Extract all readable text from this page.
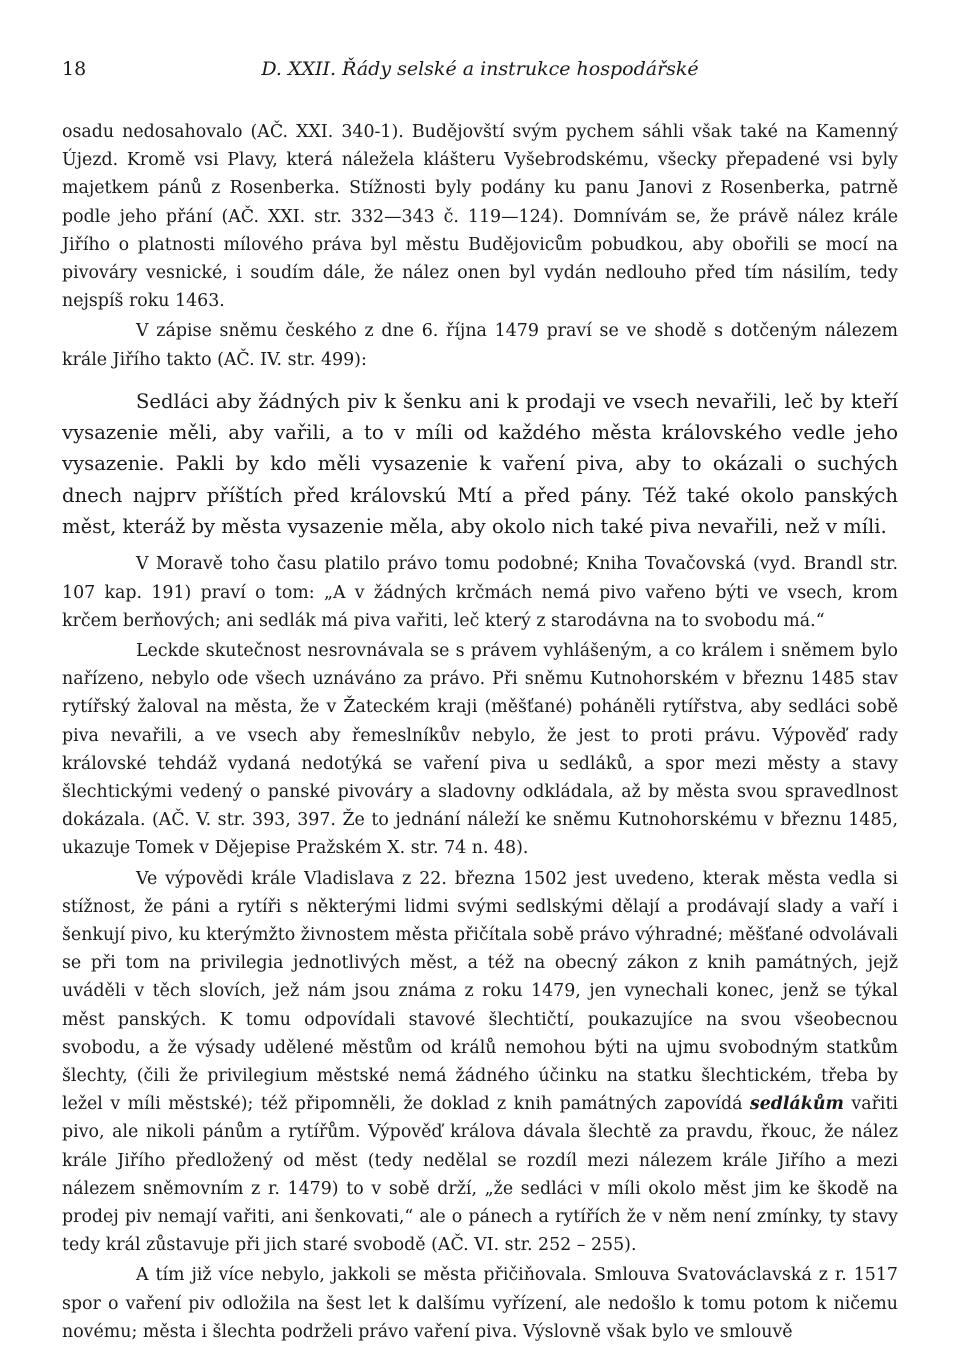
18	D. XXII. Řády selské a instrukce hospodářské

osadu nedosahovalo (AČ. XXI. 340-1). Budějovští svým pychem sáhli však také na Kamenný Újezd. Kromě vsi Plavy, která náležela klášteru Vyšebrodskému, všecky přepadené vsi byly majetkem pánů z Rosenberka. Stížnosti byly podány ku panu Janovi z Rosenberka, patrně podle jeho přání (AČ. XXI. str. 332—343 č. 119—124). Domnívám se, že právě nález krále Jiřího o platnosti mílového práva byl městu Budějovicům pobudkou, aby obořili se mocí na pivováry vesnické, i soudím dále, že nález onen byl vydán nedlouho před tím násilím, tedy nejspíš roku 1463.

V zápise sněmu českého z dne 6. října 1479 praví se ve shodě s dotčeným nálezem krále Jiřího takto (AČ. IV. str. 499):

Sedláci aby žádných piv k šenku ani k prodaji ve vsech nevařili, leč by kteří vysazenie měli, aby vařili, a to v míli od každého města královského vedle jeho vysazenie. Pakli by kdo měli vysazenie k vaření piva, aby to okázali o suchých dnech najprv příštích před královskú Mtí a před pány. Též také okolo panských měst, kteráž by města vysazenie měla, aby okolo nich také piva nevařili, než v míli.

V Moravě toho času platilo právo tomu podobné; Kniha Tovačovská (vyd. Brandl str. 107 kap. 191) praví o tom: „A v žádných krčmách nemá pivo vařeno býti ve vsech, krom krčem berňových; ani sedlák má piva vařiti, leč který z starodávna na to svobodu má.“

Leckde skutečnost nesrovnávala se s právem vyhlášeným, a co králem i sněmem bylo nařízeno, nebylo ode všech uznáváno za právo. Při sněmu Kutnohorském v březnu 1485 stav rytířský žaloval na města, že v Žateckém kraji (měšťané) poháněli rytířstva, aby sedláci sobě piva nevařili, a ve vsech aby řemeslníkův nebylo, že jest to proti právu. Výpověď rady královské tehdáž vydaná nedotýká se vaření piva u sedláků, a spor mezi městy a stavy šlechtickými vedený o panské pivováry a sladovny odkládala, až by města svou spravedlnost dokázala. (AČ. V. str. 393, 397. Že to jednání náleží ke sněmu Kutnohorskému v březnu 1485, ukazuje Tomek v Dějepise Pražském X. str. 74 n. 48).

Ve výpovědi krále Vladislava z 22. března 1502 jest uvedeno, kterak města vedla si stížnost, že páni a rytíři s některými lidmi svými sedlskými dělají a prodávají slady a vaří i šenkují pivo, ku kterýmžto živnostem města přičítala sobě právo výhradné; měšťané odvolávali se při tom na privilegia jednotlivých měst, a též na obecný zákon z knih památných, jejž uváděli v těch slovích, jež nám jsou známa z roku 1479, jen vynechali konec, jenž se týkal měst panských. K tomu odpovídali stavové šlechtičtí, poukazujíce na svou všeobecnou svobodu, a že výsady udělené městům od králů nemohou býti na ujmu svobodným statkům šlechty, (čili že privilegium městské nemá žádného účinku na statku šlechtickém, třeba by ležel v míli městské); též připomněli, že doklad z knih památných zapovídá sedlákům vařiti pivo, ale nikoli pánům a rytířům. Výpověď králova dávala šlechtě za pravdu, řkouc, že nález krále Jiřího předložený od měst (tedy nedělal se rozdíl mezi nálezem krále Jiřího a mezi nálezem sněmovním z r. 1479) to v sobě drží, „že sedláci v míli okolo měst jim ke škodě na prodej piv nemají vařiti, ani šenkovati,“ ale o pánech a rytířích že v něm není zmínky, ty stavy tedy král zůstavuje při jich staré svobodě (AČ. VI. str. 252 – 255).

A tím již více nebylo, jakkoli se města přičiňovala. Smlouva Svatováclavská z r. 1517 spor o vaření piv odložila na šest let k dalšímu vyřízení, ale nedošlo k tomu potom k ničemu novému; města i šlechta podrželi právo vaření piva. Výslovně však bylo ve smlouvě
